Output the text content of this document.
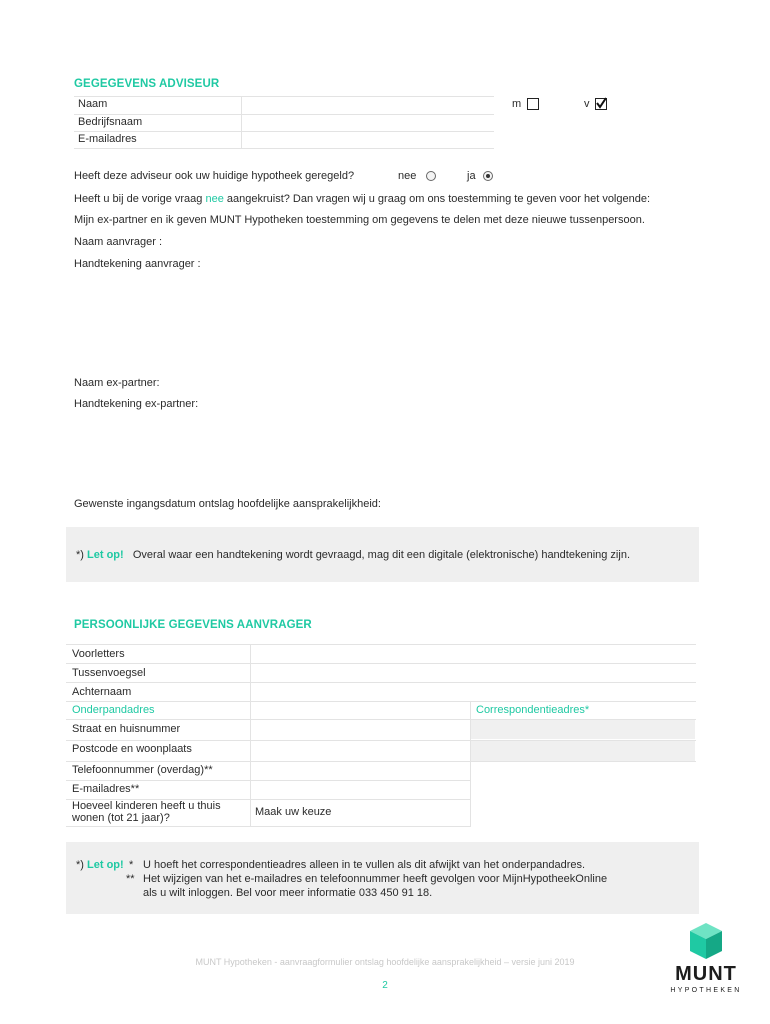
GEGEGEVENS ADVISEUR
Naam
Bedrijfsnaam
E-mailadres
m	v
Heeft deze adviseur ook uw huidige hypotheek geregeld?	nee	ja
Heeft u bij de vorige vraag nee aangekruist? Dan vragen wij u graag om ons toestemming te geven voor het volgende:
Mijn ex-partner en ik geven MUNT Hypotheken toestemming om gegevens te delen met deze nieuwe tussenpersoon.
Naam aanvrager :
Handtekening aanvrager :
Naam ex-partner:
Handtekening ex-partner:
Gewenste ingangsdatum ontslag hoofdelijke aansprakelijkheid:
*) Let op! Overal waar een handtekening wordt gevraagd, mag dit een digitale (elektronische) handtekening zijn.
PERSOONLIJKE GEGEVENS AANVRAGER
Voorletters
Tussenvoegsel
Achternaam
Onderpandadres	Correspondentieadres*
Straat en huisnummer
Postcode en woonplaats
Telefoonnummer (overdag)**
E-mailadres**
Hoeveel kinderen heeft u thuis
wonen (tot 21 jaar)?	Maak uw keuze
*) Let op! * U hoeft het correspondentieadres alleen in te vullen als dit afwijkt van het onderpandadres.
** Het wijzigen van het e-mailadres en telefoonnummer heeft gevolgen voor MijnHypotheekOnline
als u wilt inloggen. Bel voor meer informatie 033 450 91 18.
MUNT Hypotheken - aanvraagformulier ontslag hoofdelijke aansprakelijkheid – versie juni 2019
2
MUNT
HYPOTHEKEN
